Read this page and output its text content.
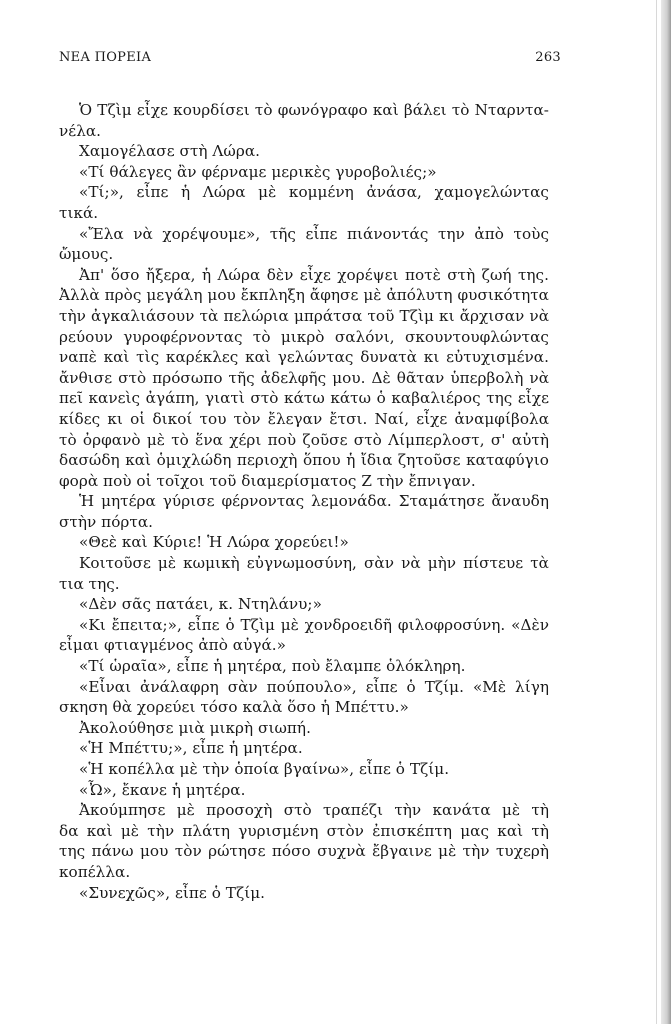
ΝΕΑ ΠΟΡΕΙΑ	263
Ὁ Τζὶμ εἶχε κουρδίσει τὸ φωνόγραφο καὶ βάλει τὸ Νταρντα-
νέλα.
Χαμογέλασε στὴ Λώρα.
«Τί θάλεγες ἂν φέρναμε μερικὲς γυροβολιές;»
«Τί;», εἶπε ἡ Λώρα μὲ κομμένη ἀνάσα, χαμογελώντας
τικά.
«Ἔλα νὰ χορέψουμε», τῆς εἶπε πιάνοντάς την ἀπὸ τοὺς
ὤμους.
Ἀπ' ὅσο ἤξερα, ἡ Λώρα δὲν εἶχε χορέψει ποτὲ στὴ ζωή της.
Ἀλλὰ πρὸς μεγάλη μου ἔκπληξη ἄφησε μὲ ἀπόλυτη φυσικότητα
τὴν ἀγκαλιάσουν τὰ πελώρια μπράτσα τοῦ Τζὶμ κι ἄρχισαν νὰ
ρεύουν γυροφέρνοντας τὸ μικρὸ σαλόνι, σκουντουφλώντας
ναπὲ καὶ τὶς καρέκλες καὶ γελώντας δυνατὰ κι εὐτυχισμένα.
ἄνθισε στὸ πρόσωπο τῆς ἀδελφῆς μου. Δὲ θᾶταν ὑπερβολὴ νὰ
πεῖ κανεὶς ἀγάπη, γιατὶ στὸ κάτω κάτω ὁ καβαλιέρος της εἶχε
κίδες κι οἱ δικοί του τὸν ἔλεγαν ἔτσι. Ναί, εἶχε ἀναμφίβολα
τὸ ὀρφανὸ μὲ τὸ ἕνα χέρι ποὺ ζοῦσε στὸ Λίμπερλοστ, σ' αὐτὴ
δασώδη καὶ ὁμιχλώδη περιοχὴ ὅπου ἡ ἴδια ζητοῦσε καταφύγιο
φορὰ ποὺ οἱ τοῖχοι τοῦ διαμερίσματος Ζ τὴν ἔπνιγαν.
Ἡ μητέρα γύρισε φέρνοντας λεμονάδα. Σταμάτησε ἄναυδη
στὴν πόρτα.
«Θεὲ καὶ Κύριε! Ἡ Λώρα χορεύει!»
Κοιτοῦσε μὲ κωμικὴ εὐγνωμοσύνη, σὰν νὰ μὴν πίστευε τὰ
τια της.
«Δὲν σᾶς πατάει, κ. Ντηλάνυ;»
«Κι ἔπειτα;», εἶπε ὁ Τζὶμ μὲ χονδροειδῆ φιλοφροσύνη. «Δὲν
εἶμαι φτιαγμένος ἀπὸ αὐγά.»
«Τί ὡραῖα», εἶπε ἡ μητέρα, ποὺ ἔλαμπε ὁλόκληρη.
«Εἶναι ἀνάλαφρη σὰν πούπουλο», εἶπε ὁ Τζίμ. «Μὲ λίγη
σκηση θὰ χορεύει τόσο καλὰ ὅσο ἡ Μπέττυ.»
Ἀκολούθησε μιὰ μικρὴ σιωπή.
«Ἡ Μπέττυ;», εἶπε ἡ μητέρα.
«Ἡ κοπέλλα μὲ τὴν ὁποία βγαίνω», εἶπε ὁ Τζίμ.
«Ὦ», ἔκανε ἡ μητέρα.
Ἀκούμπησε μὲ προσοχὴ στὸ τραπέζι τὴν κανάτα μὲ τὴ
δα καὶ μὲ τὴν πλάτη γυρισμένη στὸν ἐπισκέπτη μας καὶ τὴ
της πάνω μου τὸν ρώτησε πόσο συχνὰ ἔβγαινε μὲ τὴν τυχερὴ
κοπέλλα.
«Συνεχῶς», εἶπε ὁ Τζίμ.
